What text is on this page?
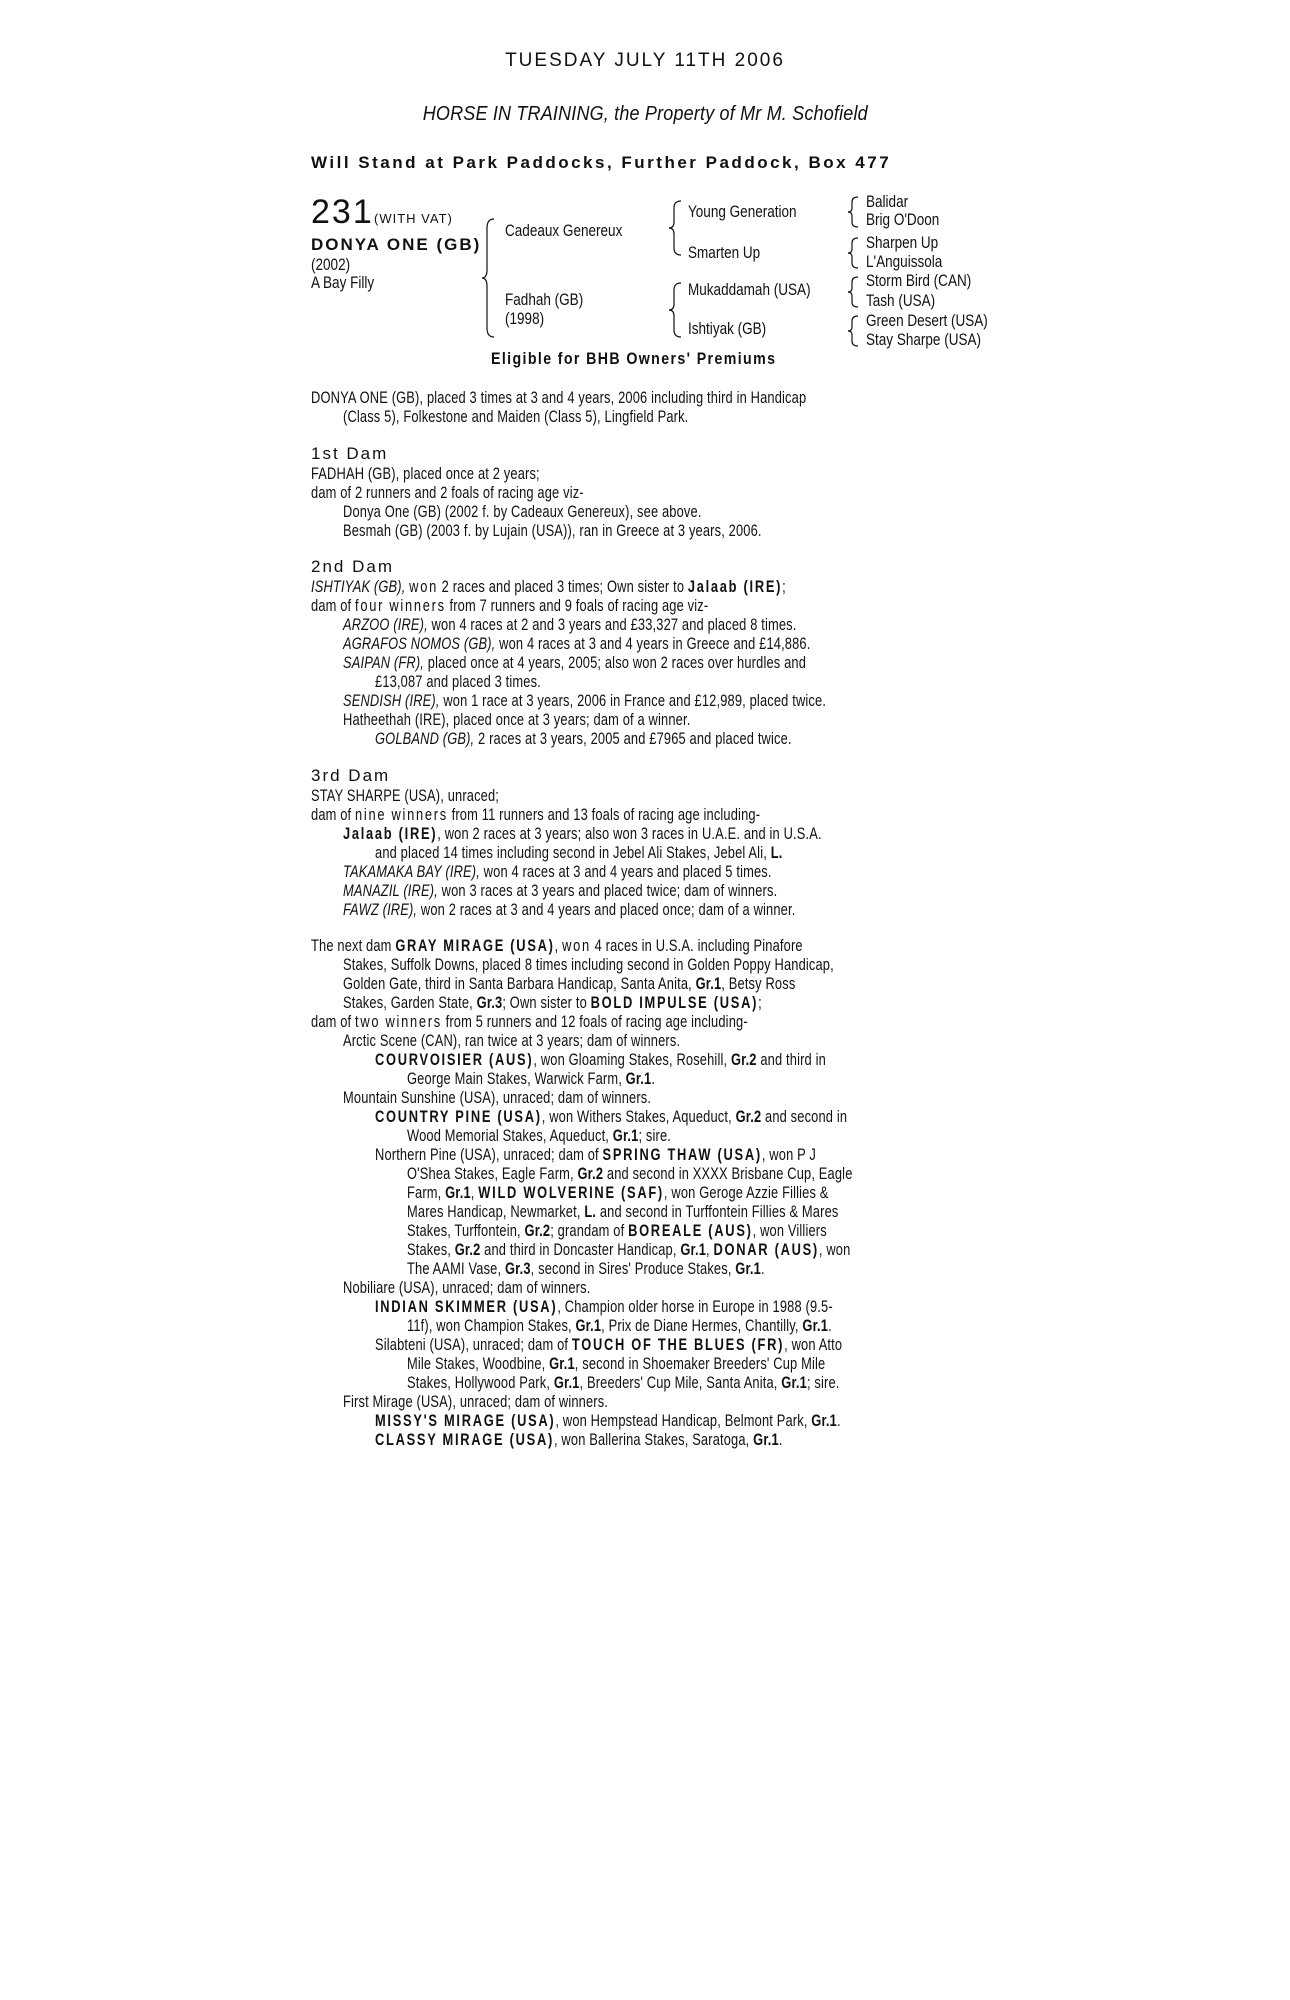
TUESDAY JULY 11TH 2006
HORSE IN TRAINING, the Property of Mr M. Schofield
Will Stand at Park Paddocks, Further Paddock, Box 477
231 (WITH VAT)
DONYA ONE (GB)
(2002)
A Bay Filly
Cadeaux Genereux
Fadhah (GB)
(1998)
Young Generation
Smarten Up
Mukaddamah (USA)
Ishtiyak (GB)
Balidar
Brig O'Doon
Sharpen Up
L'Anguissola
Storm Bird (CAN)
Tash (USA)
Green Desert (USA)
Stay Sharpe (USA)
Eligible for BHB Owners' Premiums
DONYA ONE (GB), placed 3 times at 3 and 4 years, 2006 including third in Handicap
(Class 5), Folkestone and Maiden (Class 5), Lingfield Park.
1st Dam
FADHAH (GB), placed once at 2 years;
dam of 2 runners and 2 foals of racing age viz-
Donya One (GB) (2002 f. by Cadeaux Genereux), see above.
Besmah (GB) (2003 f. by Lujain (USA)), ran in Greece at 3 years, 2006.
2nd Dam
ISHTIYAK (GB), won 2 races and placed 3 times; Own sister to Jalaab (IRE);
dam of four winners from 7 runners and 9 foals of racing age viz-
ARZOO (IRE), won 4 races at 2 and 3 years and £33,327 and placed 8 times.
AGRAFOS NOMOS (GB), won 4 races at 3 and 4 years in Greece and £14,886.
SAIPAN (FR), placed once at 4 years, 2005; also won 2 races over hurdles and
£13,087 and placed 3 times.
SENDISH (IRE), won 1 race at 3 years, 2006 in France and £12,989, placed twice.
Hatheethah (IRE), placed once at 3 years; dam of a winner.
GOLBAND (GB), 2 races at 3 years, 2005 and £7965 and placed twice.
3rd Dam
STAY SHARPE (USA), unraced;
dam of nine winners from 11 runners and 13 foals of racing age including-
Jalaab (IRE), won 2 races at 3 years; also won 3 races in U.A.E. and in U.S.A.
and placed 14 times including second in Jebel Ali Stakes, Jebel Ali, L.
TAKAMAKA BAY (IRE), won 4 races at 3 and 4 years and placed 5 times.
MANAZIL (IRE), won 3 races at 3 years and placed twice; dam of winners.
FAWZ (IRE), won 2 races at 3 and 4 years and placed once; dam of a winner.
The next dam GRAY MIRAGE (USA), won 4 races in U.S.A. including Pinafore
Stakes, Suffolk Downs, placed 8 times including second in Golden Poppy Handicap,
Golden Gate, third in Santa Barbara Handicap, Santa Anita, Gr.1, Betsy Ross
Stakes, Garden State, Gr.3; Own sister to BOLD IMPULSE (USA);
dam of two winners from 5 runners and 12 foals of racing age including-
Arctic Scene (CAN), ran twice at 3 years; dam of winners.
COURVOISIER (AUS), won Gloaming Stakes, Rosehill, Gr.2 and third in
George Main Stakes, Warwick Farm, Gr.1.
Mountain Sunshine (USA), unraced; dam of winners.
COUNTRY PINE (USA), won Withers Stakes, Aqueduct, Gr.2 and second in
Wood Memorial Stakes, Aqueduct, Gr.1; sire.
Northern Pine (USA), unraced; dam of SPRING THAW (USA), won P J
O'Shea Stakes, Eagle Farm, Gr.2 and second in XXXX Brisbane Cup, Eagle
Farm, Gr.1, WILD WOLVERINE (SAF), won Geroge Azzie Fillies &
Mares Handicap, Newmarket, L. and second in Turffontein Fillies & Mares
Stakes, Turffontein, Gr.2; grandam of BOREALE (AUS), won Villiers
Stakes, Gr.2 and third in Doncaster Handicap, Gr.1, DONAR (AUS), won
The AAMI Vase, Gr.3, second in Sires' Produce Stakes, Gr.1.
Nobiliare (USA), unraced; dam of winners.
INDIAN SKIMMER (USA), Champion older horse in Europe in 1988 (9.5-
11f), won Champion Stakes, Gr.1, Prix de Diane Hermes, Chantilly, Gr.1.
Silabteni (USA), unraced; dam of TOUCH OF THE BLUES (FR), won Atto
Mile Stakes, Woodbine, Gr.1, second in Shoemaker Breeders' Cup Mile
Stakes, Hollywood Park, Gr.1, Breeders' Cup Mile, Santa Anita, Gr.1; sire.
First Mirage (USA), unraced; dam of winners.
MISSY'S MIRAGE (USA), won Hempstead Handicap, Belmont Park, Gr.1.
CLASSY MIRAGE (USA), won Ballerina Stakes, Saratoga, Gr.1.
